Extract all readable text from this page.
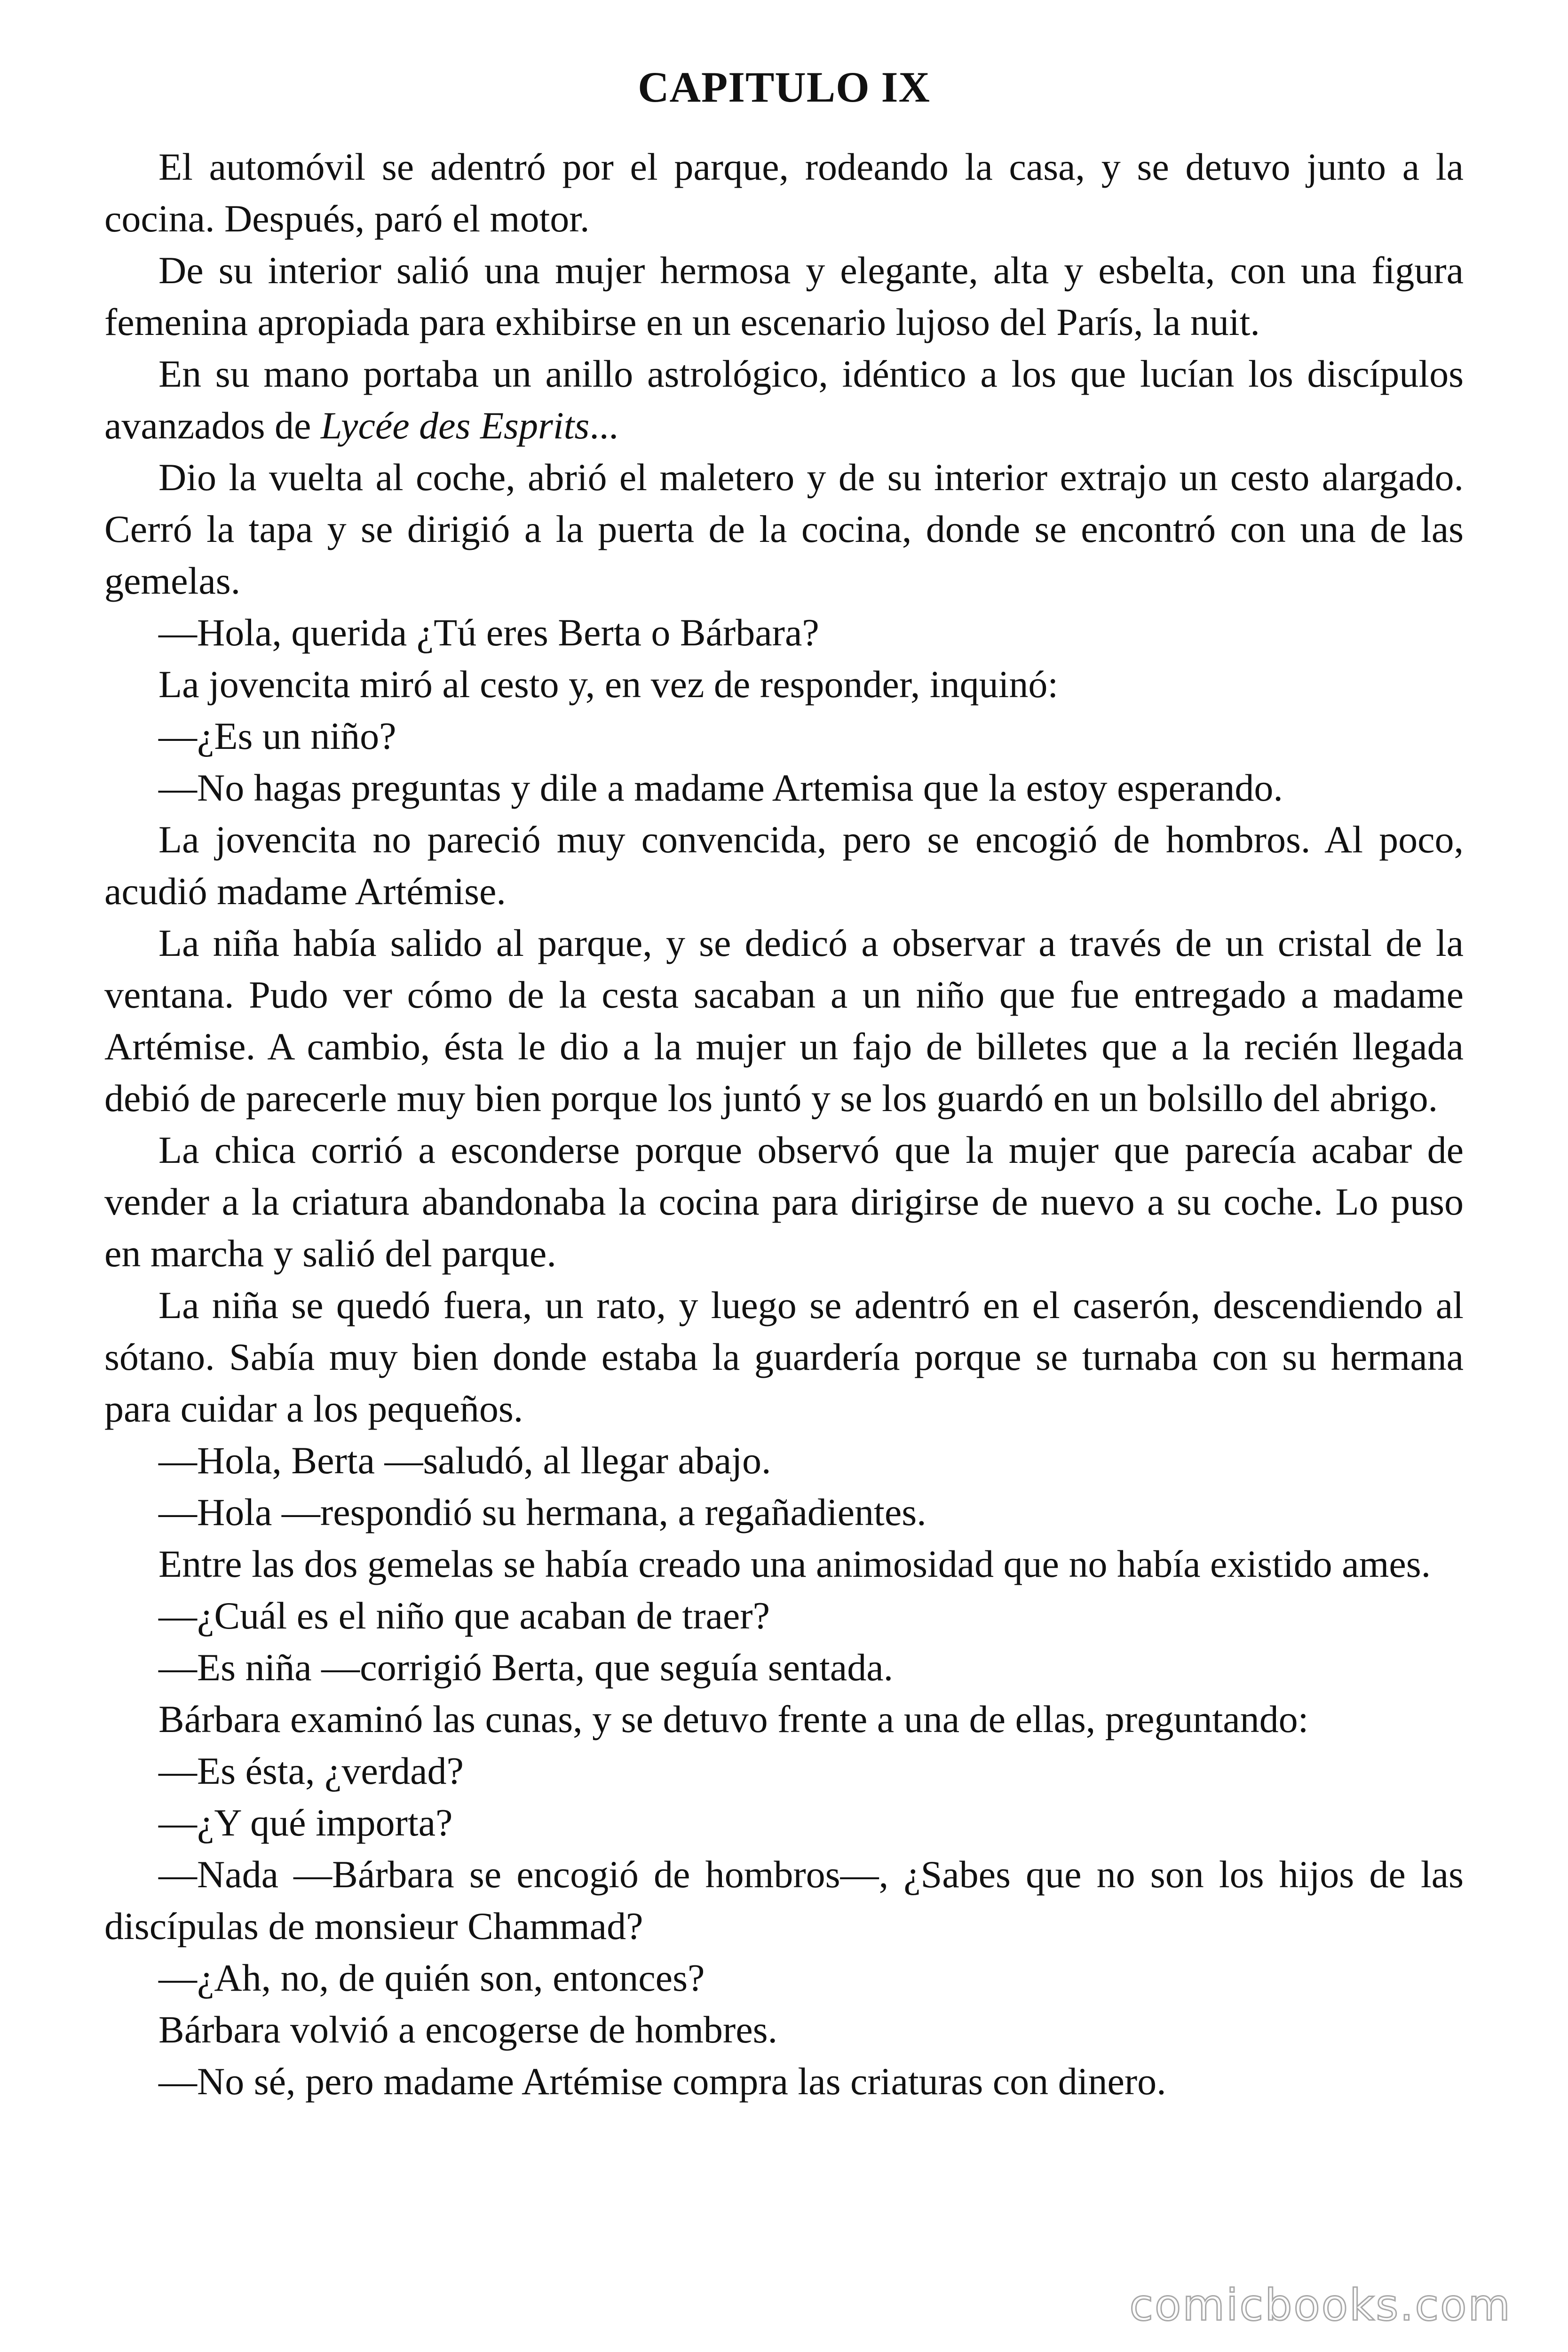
CAPITULO IX

El automóvil se adentró por el parque, rodeando la casa, y se detuvo junto a la cocina. Después, paró el motor.

De su interior salió una mujer hermosa y elegante, alta y esbelta, con una figura femenina apropiada para exhibirse en un escenario lujoso del París, la nuit.

En su mano portaba un anillo astrológico, idéntico a los que lucían los discípulos avanzados de Lycée des Esprits...

Dio la vuelta al coche, abrió el maletero y de su interior extrajo un cesto alargado. Cerró la tapa y se dirigió a la puerta de la cocina, donde se encontró con una de las gemelas.

—Hola, querida ¿Tú eres Berta o Bárbara?

La jovencita miró al cesto y, en vez de responder, inquinó:

—¿Es un niño?

—No hagas preguntas y dile a madame Artemisa que la estoy esperando.

La jovencita no pareció muy convencida, pero se encogió de hombros. Al poco, acudió madame Artémise.

La niña había salido al parque, y se dedicó a observar a través de un cristal de la ventana. Pudo ver cómo de la cesta sacaban a un niño que fue entregado a madame Artémise. A cambio, ésta le dio a la mujer un fajo de billetes que a la recién llegada debió de parecerle muy bien porque los juntó y se los guardó en un bolsillo del abrigo.

La chica corrió a esconderse porque observó que la mujer que parecía acabar de vender a la criatura abandonaba la cocina para dirigirse de nuevo a su coche. Lo puso en marcha y salió del parque.

La niña se quedó fuera, un rato, y luego se adentró en el caserón, descendiendo al sótano. Sabía muy bien donde estaba la guardería porque se turnaba con su hermana para cuidar a los pequeños.

—Hola, Berta —saludó, al llegar abajo.

—Hola —respondió su hermana, a regañadientes.

Entre las dos gemelas se había creado una animosidad que no había existido ames.

—¿Cuál es el niño que acaban de traer?

—Es niña —corrigió Berta, que seguía sentada.

Bárbara examinó las cunas, y se detuvo frente a una de ellas, preguntando:

—Es ésta, ¿verdad?

—¿Y qué importa?

—Nada —Bárbara se encogió de hombros—, ¿Sabes que no son los hijos de las discípulas de monsieur Chammad?

—¿Ah, no, de quién son, entonces?

Bárbara volvió a encogerse de hombres.

—No sé, pero madame Artémise compra las criaturas con dinero.

comicbooks.com
